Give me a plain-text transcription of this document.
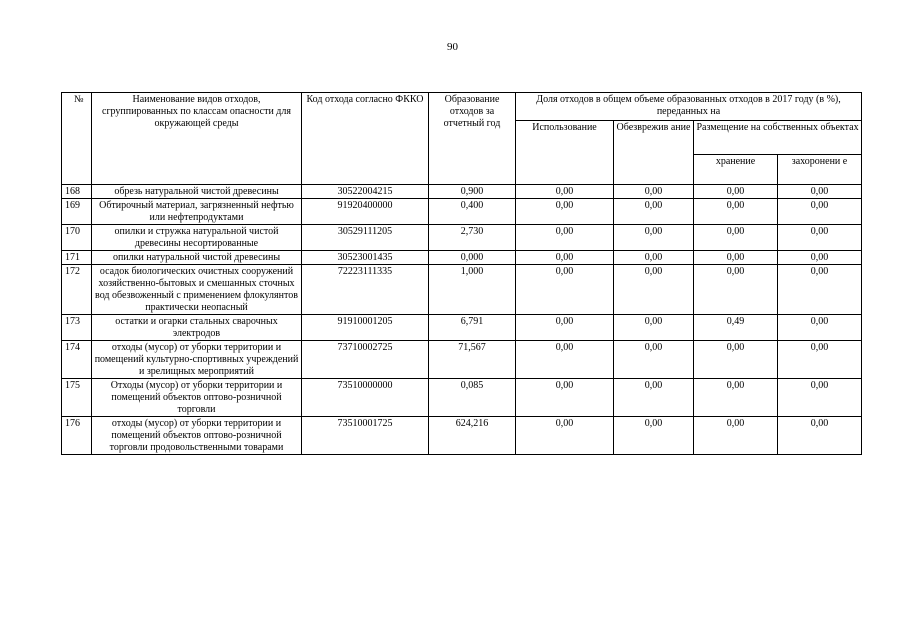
90
№	Наименование видов отходов, сгруппированных по классам опасности для окружающей среды	Код отхода согласно ФККО	Образование отходов за отчетный год	Доля отходов в общем объеме образованных отходов в 2017 году (в %), переданных на			
				Использование	Обезврежив ание	Размещение на собственных объектах	
						хранение	захоронени е
168	обрезь натуральной чистой древесины	30522004215	0,900	0,00	0,00	0,00	0,00
169	Обтирочный материал, загрязненный нефтью или нефтепродуктами	91920400000	0,400	0,00	0,00	0,00	0,00
170	опилки и стружка натуральной чистой древесины несортированные	30529111205	2,730	0,00	0,00	0,00	0,00
171	опилки натуральной чистой древесины	30523001435	0,000	0,00	0,00	0,00	0,00
172	осадок биологических очистных сооружений хозяйственно-бытовых и смешанных сточных вод обезвоженный с применением флокулянтов практически неопасный	72223111335	1,000	0,00	0,00	0,00	0,00
173	остатки и огарки стальных сварочных электродов	91910001205	6,791	0,00	0,00	0,49	0,00
174	отходы (мусор) от уборки территории и помещений культурно-спортивных учреждений и зрелищных мероприятий	73710002725	71,567	0,00	0,00	0,00	0,00
175	Отходы (мусор) от уборки территории и помещений объектов оптово-розничной торговли	73510000000	0,085	0,00	0,00	0,00	0,00
176	отходы (мусор) от уборки территории и помещений объектов оптово-розничной торговли продовольственными товарами	73510001725	624,216	0,00	0,00	0,00	0,00
